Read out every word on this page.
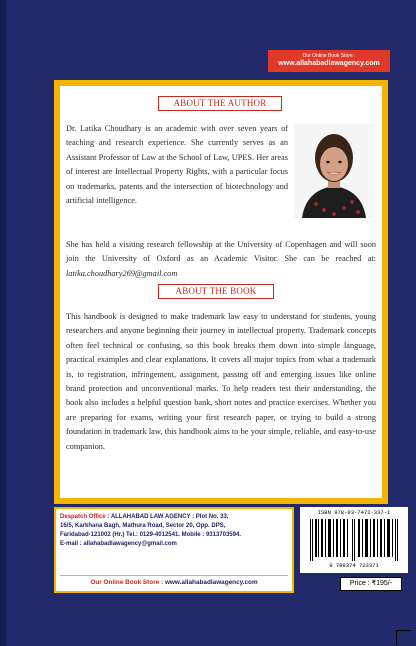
Our Online Book Store :
www.allahabadlawagency.com
ABOUT THE AUTHOR
Dr. Latika Choudhary is an academic with over seven years of teaching and research experience. She currently serves as an Assistant Professor of Law at the School of Law, UPES. Her areas of interest are Intellectual Property Rights, with a particular focus on trademarks, patents and the intersection of biotechnology and artificial intelligence.
She has held a visiting research fellowship at the University of Copenhagen and will soon join the University of Oxford as an Academic Visitor. She can be reached at: latika.choudhary269@gmail.com
ABOUT THE BOOK
This handbook is designed to make trademark law easy to understand for students, young researchers and anyone beginning their journey in intellectual property. Trademark concepts often feel technical or confusing, so this book breaks them down into simple language, practical examples and clear explanations. It covers all major topics from what a trademark is, to registration, infringement, assignment, passing off and emerging issues like online brand protection and unconventional marks. To help readers test their understanding, the book also includes a helpful question bank, short notes and practice exercises. Whether you are preparing for exams, writing your first research paper, or trying to build a strong foundation in trademark law, this handbook aims to be your simple, reliable, and easy-to-use companion.
Despatch Office : ALLAHABAD LAW AGENCY : Plot No. 33,
16/5, Karkhana Bagh, Mathura Road, Sector 20, Opp. DPS,
Faridabad-121002 (Hr.) Tel.: 0129-4012541. Mobile : 9313703594.
E-mail : allahabadlawagency@gmail.com
Our Online Book Store : www.allahabadlawagency.com
ISBN 978-93-7472-337-1
9 789374 723371
Price : ₹195/-
